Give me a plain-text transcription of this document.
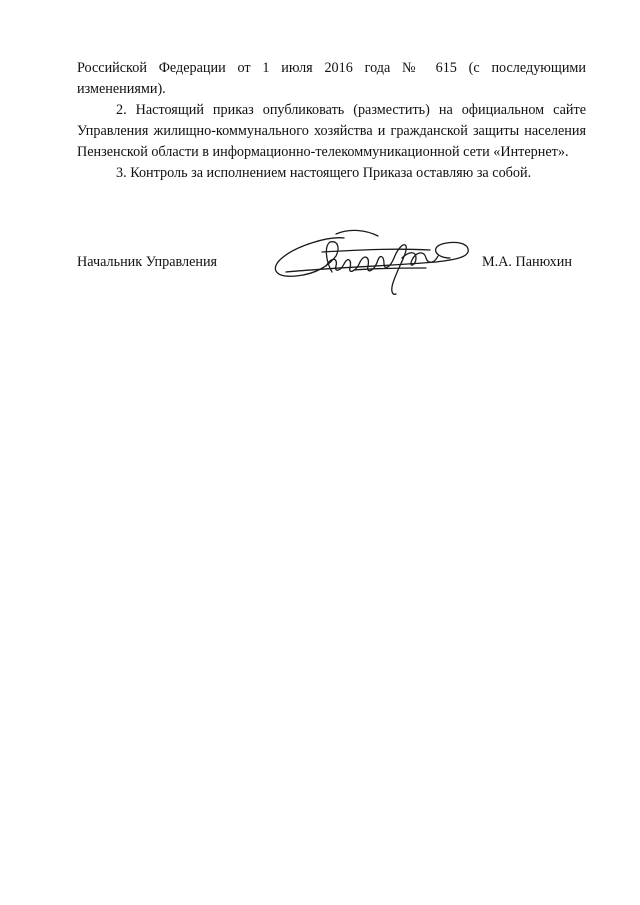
Российской Федерации от 1 июля 2016 года № 615 (с последующими изменениями).

2. Настоящий приказ опубликовать (разместить) на официальном сайте Управления жилищно-коммунального хозяйства и гражданской защиты населения Пензенской области в информационно-телекоммуникационной сети «Интернет».

3. Контроль за исполнением настоящего Приказа оставляю за собой.

Начальник Управления	М.А. Панюхин
